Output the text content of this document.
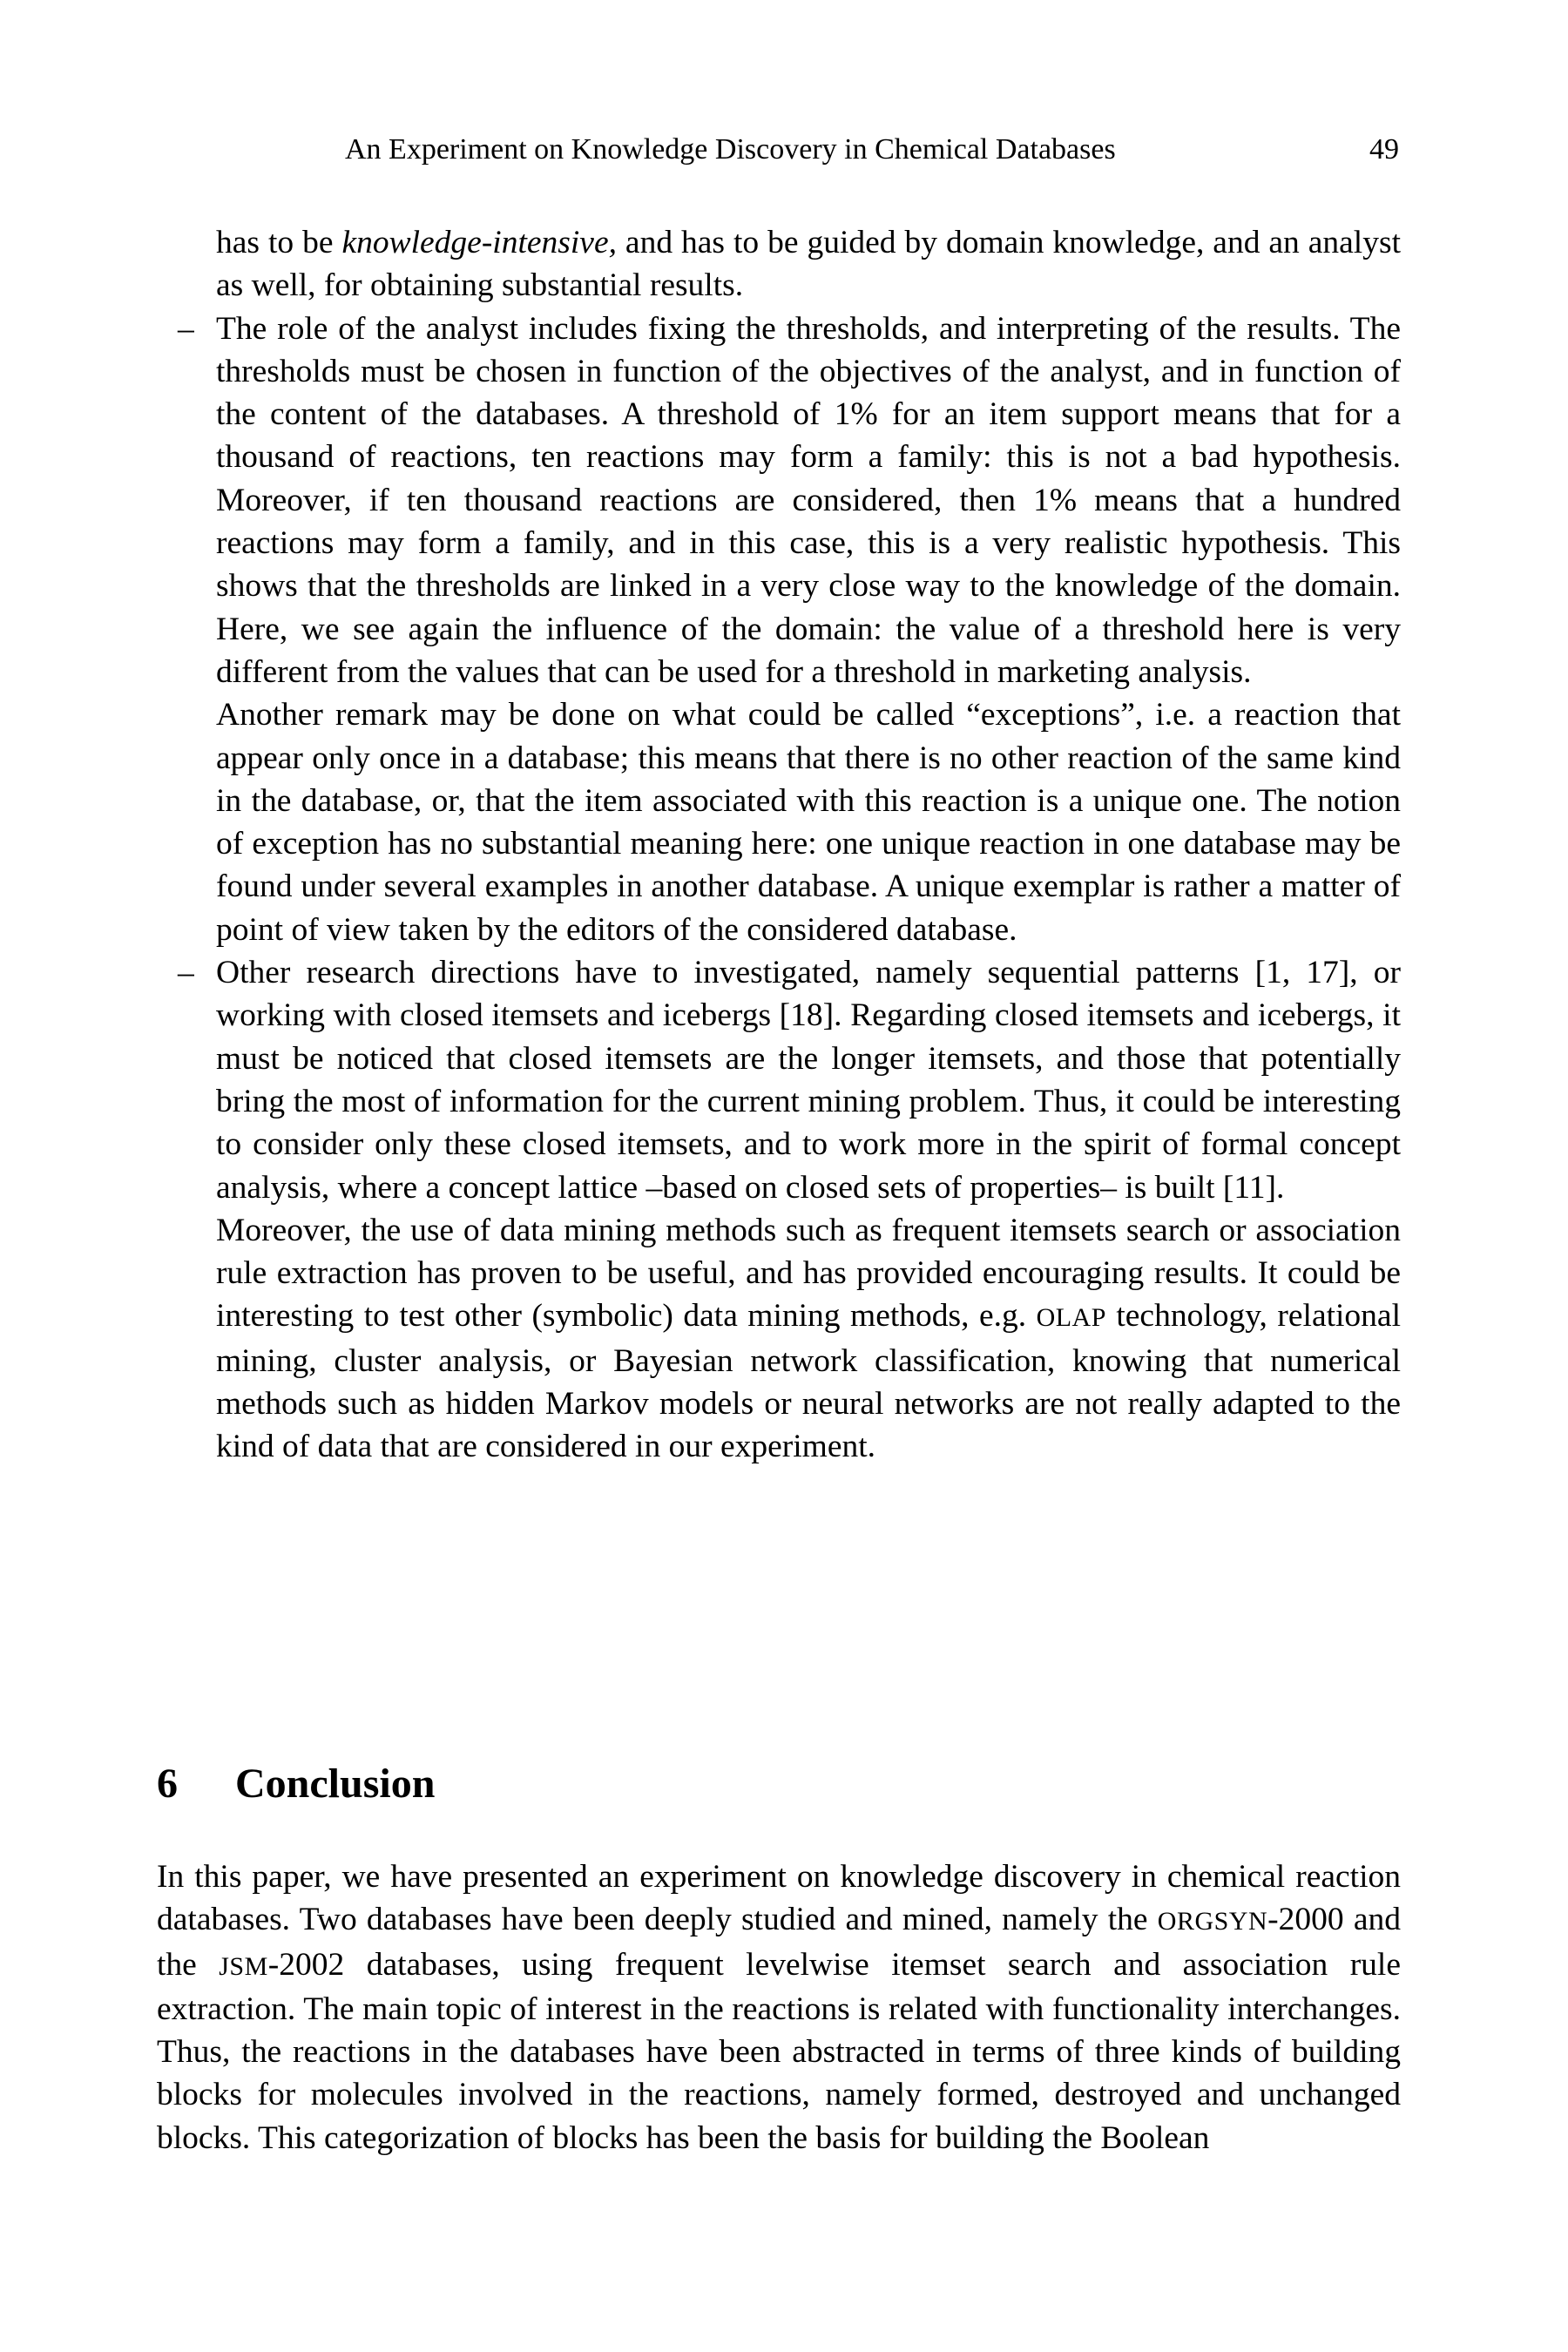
An Experiment on Knowledge Discovery in Chemical Databases	49

has to be knowledge-intensive, and has to be guided by domain knowledge, and an analyst as well, for obtaining substantial results.

– The role of the analyst includes fixing the thresholds, and interpreting of the results. The thresholds must be chosen in function of the objectives of the analyst, and in function of the content of the databases. A threshold of 1% for an item support means that for a thousand of reactions, ten reactions may form a family: this is not a bad hypothesis. Moreover, if ten thousand reactions are considered, then 1% means that a hundred reactions may form a family, and in this case, this is a very realistic hypothesis. This shows that the thresholds are linked in a very close way to the knowledge of the domain. Here, we see again the influence of the domain: the value of a threshold here is very different from the values that can be used for a threshold in marketing analysis.

Another remark may be done on what could be called “exceptions”, i.e. a reaction that appear only once in a database; this means that there is no other reaction of the same kind in the database, or, that the item associated with this reaction is a unique one. The notion of exception has no substantial meaning here: one unique reaction in one database may be found under several examples in another database. A unique exemplar is rather a matter of point of view taken by the editors of the considered database.

– Other research directions have to investigated, namely sequential patterns [1, 17], or working with closed itemsets and icebergs [18]. Regarding closed itemsets and icebergs, it must be noticed that closed itemsets are the longer itemsets, and those that potentially bring the most of information for the current mining problem. Thus, it could be interesting to consider only these closed itemsets, and to work more in the spirit of formal concept analysis, where a concept lattice –based on closed sets of properties– is built [11].

Moreover, the use of data mining methods such as frequent itemsets search or association rule extraction has proven to be useful, and has provided encouraging results. It could be interesting to test other (symbolic) data mining methods, e.g. OLAP technology, relational mining, cluster analysis, or Bayesian network classification, knowing that numerical methods such as hidden Markov models or neural networks are not really adapted to the kind of data that are considered in our experiment.

6 Conclusion

In this paper, we have presented an experiment on knowledge discovery in chemical reaction databases. Two databases have been deeply studied and mined, namely the ORGSYN-2000 and the JSM-2002 databases, using frequent levelwise itemset search and association rule extraction. The main topic of interest in the reactions is related with functionality interchanges. Thus, the reactions in the databases have been abstracted in terms of three kinds of building blocks for molecules involved in the reactions, namely formed, destroyed and unchanged blocks. This categorization of blocks has been the basis for building the Boolean
